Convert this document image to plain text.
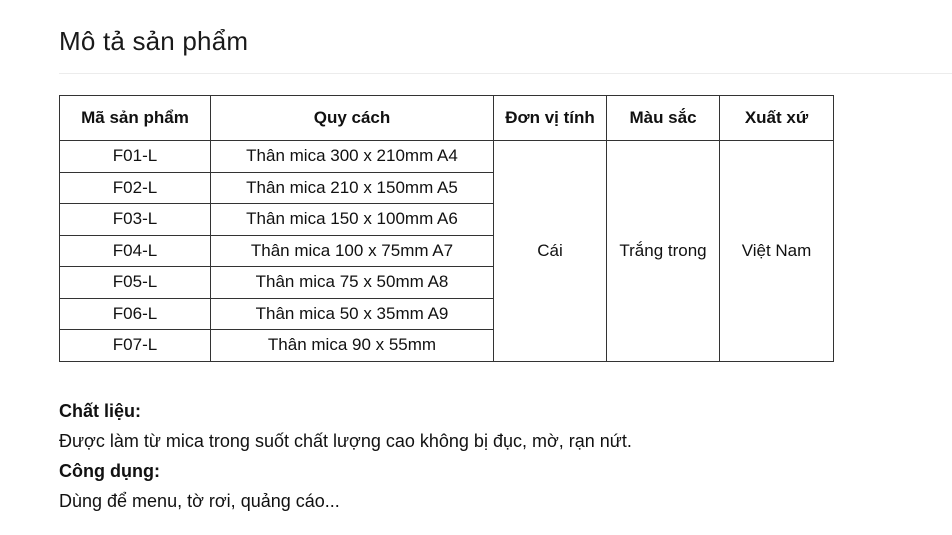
Mô tả sản phẩm
Mã sản phẩm	Quy cách	Đơn vị tính	Màu sắc	Xuất xứ
F01-L	Thân mica 300 x 210mm A4	Cái	Trắng trong	Việt Nam
F02-L	Thân mica 210 x 150mm A5			
F03-L	Thân mica 150 x 100mm A6			
F04-L	Thân mica 100 x 75mm A7			
F05-L	Thân mica 75 x 50mm A8			
F06-L	Thân mica 50 x 35mm A9			
F07-L	Thân mica 90 x 55mm			
Chất liệu:
Được làm từ mica trong suốt chất lượng cao không bị đục, mờ, rạn nứt.
Công dụng:
Dùng để menu, tờ rơi, quảng cáo...
